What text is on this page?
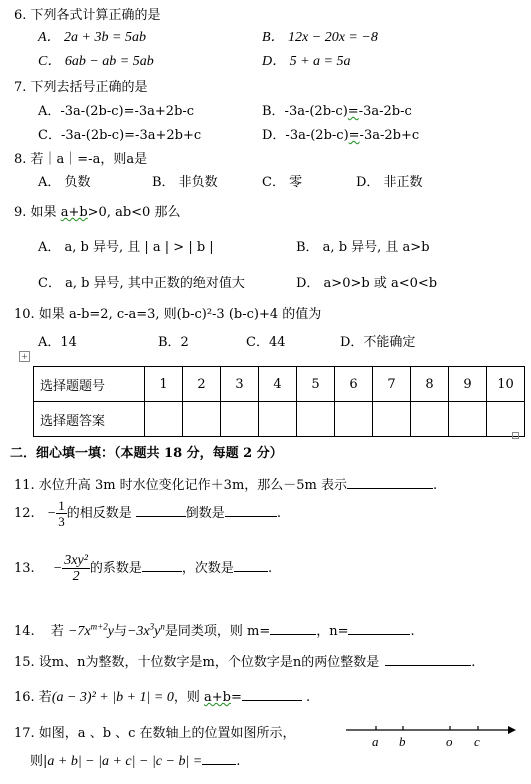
6. 下列各式计算正确的是
A． 2a + 3b = 5ab	B． 12x − 20x = −8
C． 6ab − ab = 5ab	D． 5 + a = 5a
7. 下列去括号正确的是
A．-3a-(2b-c)=-3a+2b-c	B．-3a-(2b-c)=-3a-2b-c
C．-3a-(2b-c)=-3a+2b+c	D．-3a-(2b-c)=-3a-2b+c
8. 若｜a｜=-a，则a是
A． 负数	B． 非负数	C． 零	D． 非正数
9. 如果 a+b>0, ab<0 那么
A． a, b 异号, 且 | a | > | b |	B． a, b 异号, 且 a>b
C． a, b 异号, 其中正数的绝对值大	D． a>0>b 或 a<0<b
10. 如果 a-b=2, c-a=3, 则(b-c)²-3 (b-c)+4 的值为
A．14	B．2	C．44	D．不能确定
+
选择题题号	1	2	3	4	5	6	7	8	9	10
选择题答案										
二．细心填一填：（本题共 18 分，每题 2 分）
11. 水位升高 3m 时水位变化记作＋3m，那么－5m 表示	.
12. − $\frac{1}{3}$ 的相反数是	倒数是	.
13. − $\frac{\text{3xy²}}{2}$ 的系数是	，次数是	.
14. 若 $-7x^{m+2}y$与$-3x^3y^n$是同类项，则 m=	，n=	.
15. 设m、n为整数，十位数字是m，个位数字是n的两位整数是	.
16. 若(a − 3)² + |b + 1| = 0，则 a+b=	.
17. 如图，a 、b 、c 在数轴上的位置如图所示，
则|a + b| − |a + c| − |c − b| =	.
a b	o c
